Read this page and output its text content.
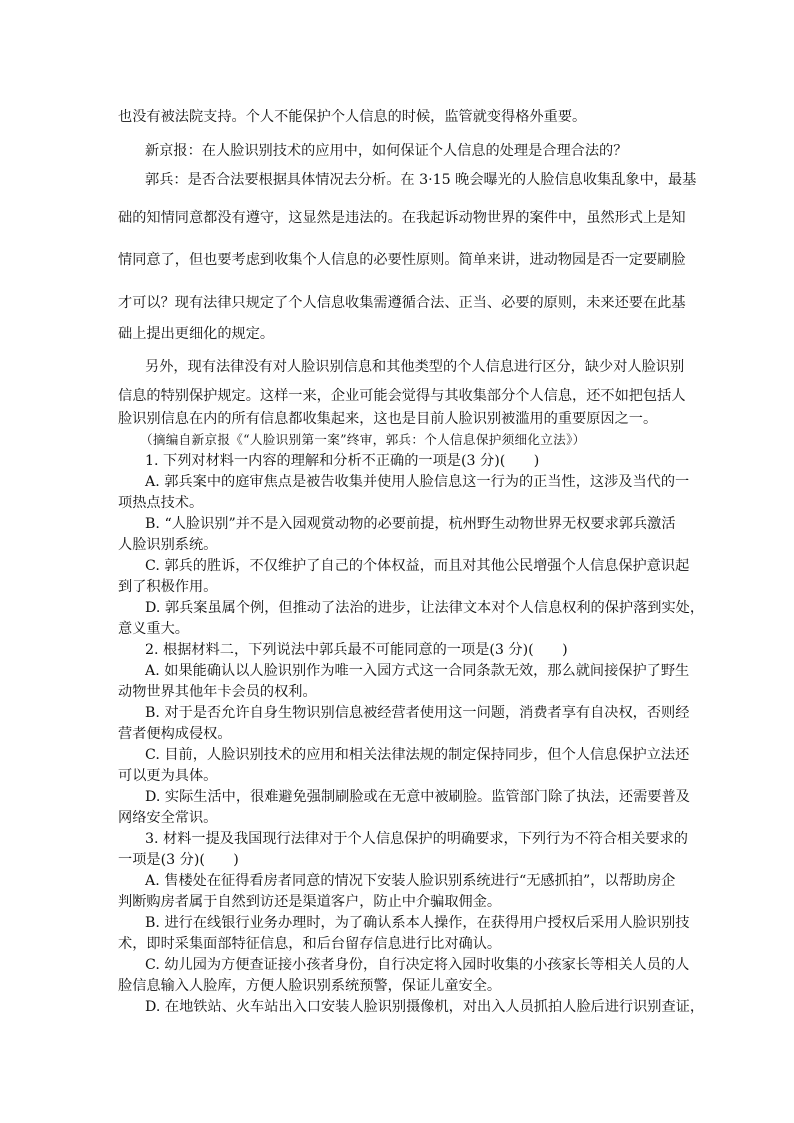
也没有被法院支持。个人不能保护个人信息的时候，监管就变得格外重要。
新京报：在人脸识别技术的应用中，如何保证个人信息的处理是合理合法的？
郭兵：是否合法要根据具体情况去分析。在 3·15 晚会曝光的人脸信息收集乱象中，最基
础的知情同意都没有遵守，这显然是违法的。在我起诉动物世界的案件中，虽然形式上是知
情同意了，但也要考虑到收集个人信息的必要性原则。简单来讲，进动物园是否一定要刷脸
才可以？现有法律只规定了个人信息收集需遵循合法、正当、必要的原则，未来还要在此基
础上提出更细化的规定。
另外，现有法律没有对人脸识别信息和其他类型的个人信息进行区分，缺少对人脸识别
信息的特别保护规定。这样一来，企业可能会觉得与其收集部分个人信息，还不如把包括人
脸识别信息在内的所有信息都收集起来，这也是目前人脸识别被滥用的重要原因之一。
（摘编自新京报《“人脸识别第一案”终审，郭兵：个人信息保护须细化立法》）
1. 下列对材料一内容的理解和分析不正确的一项是(3 分)(　　)
A. 郭兵案中的庭审焦点是被告收集并使用人脸信息这一行为的正当性，这涉及当代的一
项热点技术。
B. “人脸识别”并不是入园观赏动物的必要前提，杭州野生动物世界无权要求郭兵激活
人脸识别系统。
C. 郭兵的胜诉，不仅维护了自己的个体权益，而且对其他公民增强个人信息保护意识起
到了积极作用。
D. 郭兵案虽属个例，但推动了法治的进步，让法律文本对个人信息权利的保护落到实处，
意义重大。
2. 根据材料二，下列说法中郭兵最不可能同意的一项是(3 分)(　　)
A. 如果能确认以人脸识别作为唯一入园方式这一合同条款无效，那么就间接保护了野生
动物世界其他年卡会员的权利。
B. 对于是否允许自身生物识别信息被经营者使用这一问题，消费者享有自决权，否则经
营者便构成侵权。
C. 目前，人脸识别技术的应用和相关法律法规的制定保持同步，但个人信息保护立法还
可以更为具体。
D. 实际生活中，很难避免强制刷脸或在无意中被刷脸。监管部门除了执法，还需要普及
网络安全常识。
3. 材料一提及我国现行法律对于个人信息保护的明确要求，下列行为不符合相关要求的
一项是(3 分)(　　)
A. 售楼处在征得看房者同意的情况下安装人脸识别系统进行“无感抓拍”，以帮助房企
判断购房者属于自然到访还是渠道客户，防止中介骗取佣金。
B. 进行在线银行业务办理时，为了确认系本人操作，在获得用户授权后采用人脸识别技
术，即时采集面部特征信息，和后台留存信息进行比对确认。
C. 幼儿园为方便查证接小孩者身份，自行决定将入园时收集的小孩家长等相关人员的人
脸信息输入人脸库，方便人脸识别系统预警，保证儿童安全。
D. 在地铁站、火车站出入口安装人脸识别摄像机，对出入人员抓拍人脸后进行识别查证，
